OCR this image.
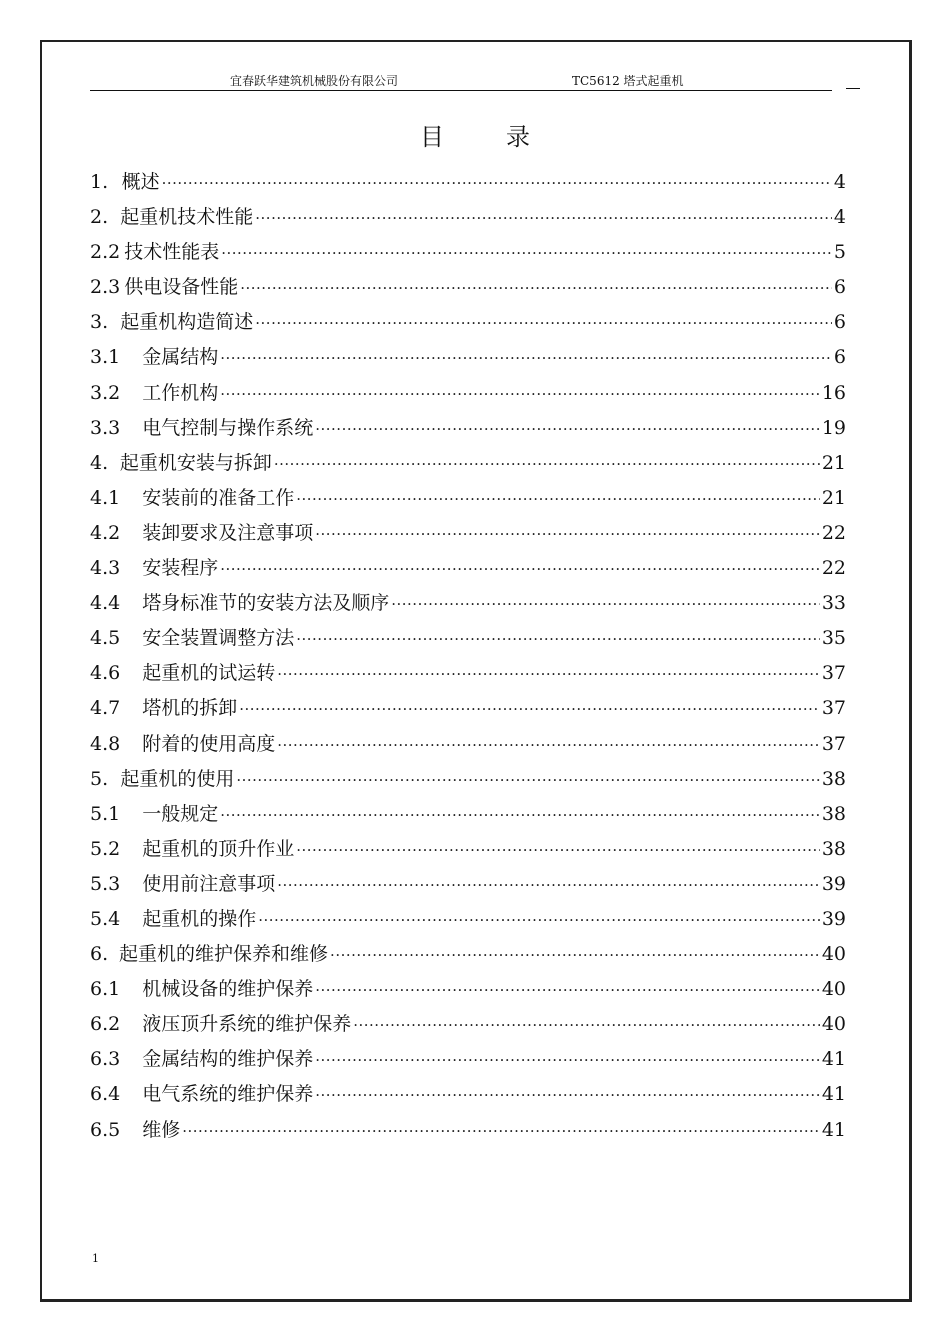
宜春跃华建筑机械股份有限公司	TC5612 塔式起重机
目	录
1. 概述 ·····	4
2. 起重机技术性能 ·····	4
2.2 技术性能表 ·····	5
2.3 供电设备性能 ·····	6
3. 起重机构造简述 ·····	6
3.1 金属结构 ·····	6
3.2 工作机构 ·····	16
3.3 电气控制与操作系统 ·····	19
4. 起重机安装与拆卸 ·····	21
4.1 安装前的准备工作 ·····	21
4.2 装卸要求及注意事项 ·····	22
4.3 安装程序 ·····	22
4.4 塔身标准节的安装方法及顺序 ·····	33
4.5 安全装置调整方法 ·····	35
4.6 起重机的试运转 ·····	37
4.7 塔机的拆卸 ·····	37
4.8 附着的使用高度 ·····	37
5. 起重机的使用 ·····	38
5.1 一般规定 ·····	38
5.2 起重机的顶升作业 ·····	38
5.3 使用前注意事项 ·····	39
5.4 起重机的操作 ·····	39
6. 起重机的维护保养和维修 ·····	40
6.1 机械设备的维护保养 ·····	40
6.2 液压顶升系统的维护保养 ·····	40
6.3 金属结构的维护保养 ·····	41
6.4 电气系统的维护保养 ·····	41
6.5 维修 ·····	41
1
